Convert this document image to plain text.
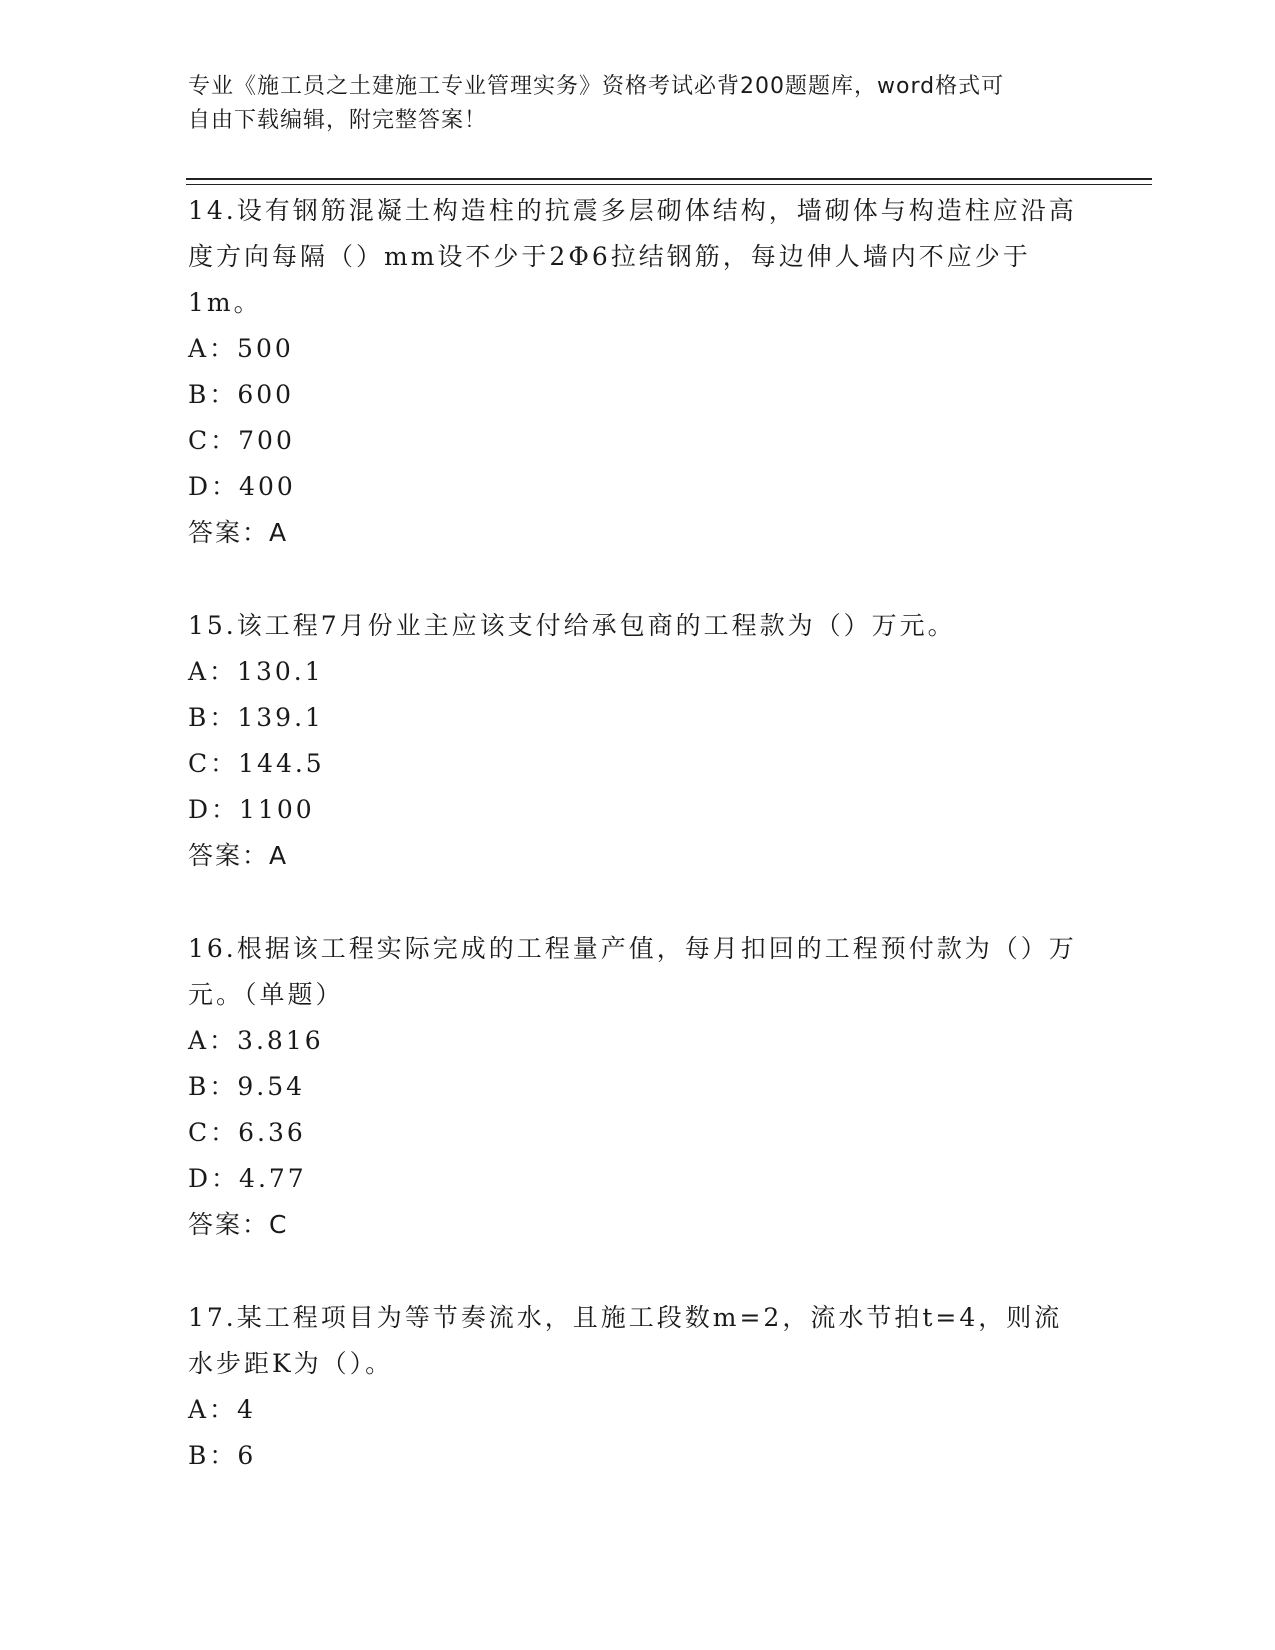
专业《施工员之土建施工专业管理实务》资格考试必背200题题库，word格式可
自由下载编辑，附完整答案！
14.设有钢筋混凝土构造柱的抗震多层砌体结构，墙砌体与构造柱应沿高度方向每隔（）mm设不少于2Φ6拉结钢筋，每边伸人墙内不应少于1m。
A：500
B：600
C：700
D：400
答案：A
15.该工程7月份业主应该支付给承包商的工程款为（）万元。
A：130.1
B：139.1
C：144.5
D：1100
答案：A
16.根据该工程实际完成的工程量产值，每月扣回的工程预付款为（）万元。（单题）
A：3.816
B：9.54
C：6.36
D：4.77
答案：C
17.某工程项目为等节奏流水，且施工段数m=2，流水节拍t=4，则流水步距K为（）。
A：4
B：6
